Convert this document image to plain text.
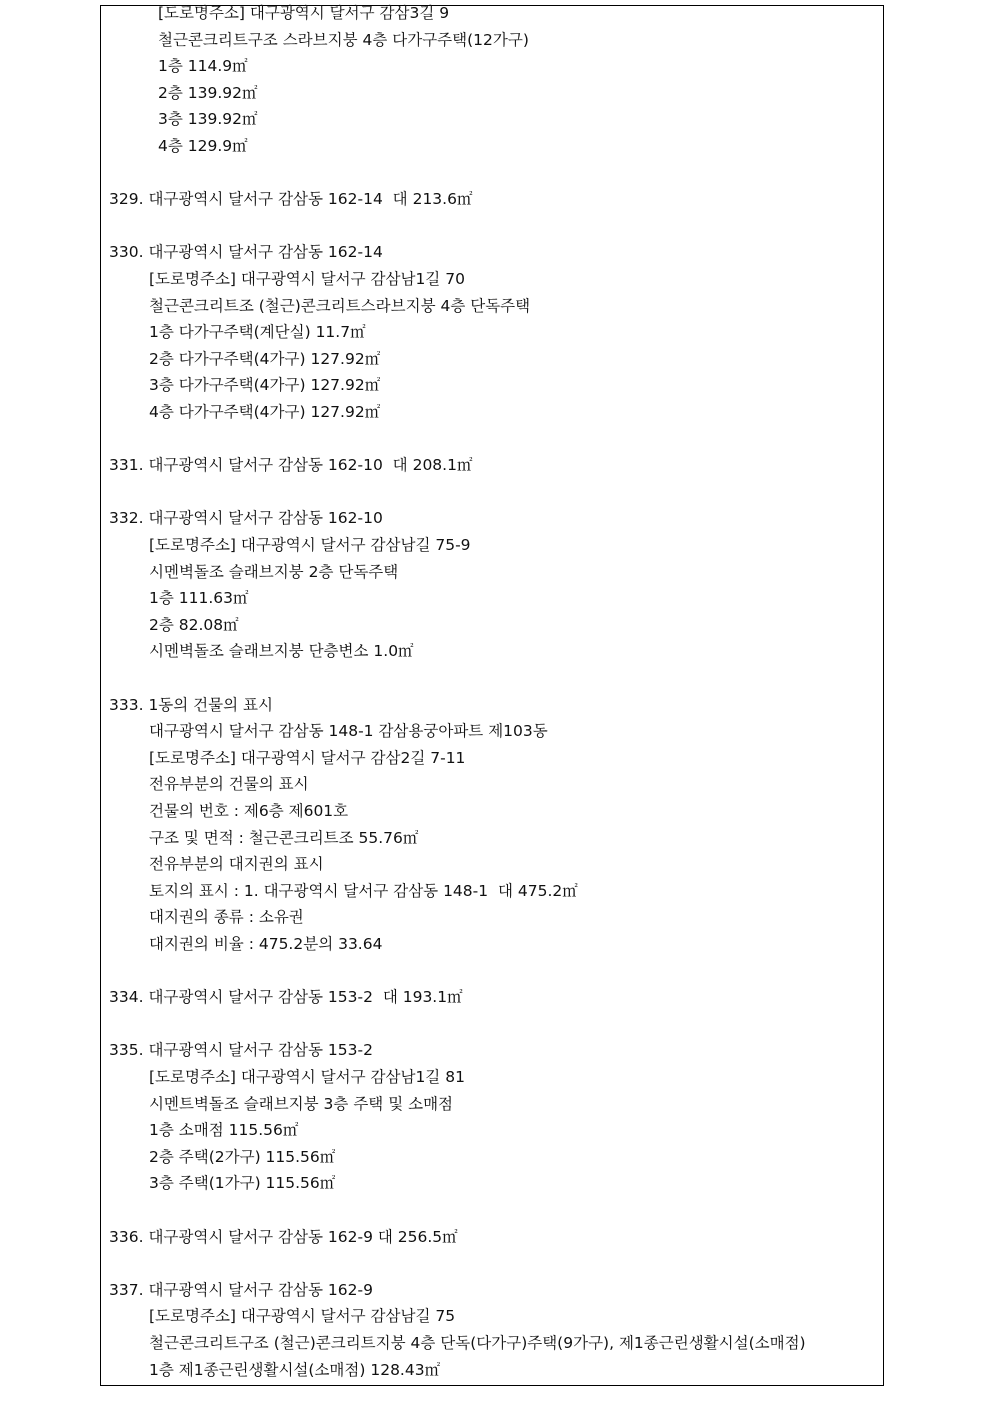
[도로명주소] 대구광역시 달서구 감삼3길 9
철근콘크리트구조 스라브지붕 4층 다가구주택(12가구)
1층 114.9㎡
2층 139.92㎡
3층 139.92㎡
4층 129.9㎡
329. 대구광역시 달서구 감삼동 162-14  대 213.6㎡
330. 대구광역시 달서구 감삼동 162-14
[도로명주소] 대구광역시 달서구 감삼남1길 70
철근콘크리트조 (철근)콘크리트스라브지붕 4층 단독주택
1층 다가구주택(계단실) 11.7㎡
2층 다가구주택(4가구) 127.92㎡
3층 다가구주택(4가구) 127.92㎡
4층 다가구주택(4가구) 127.92㎡
331. 대구광역시 달서구 감삼동 162-10  대 208.1㎡
332. 대구광역시 달서구 감삼동 162-10
[도로명주소] 대구광역시 달서구 감삼남길 75-9
시멘벽돌조 슬래브지붕 2층 단독주택
1층 111.63㎡
2층 82.08㎡
시멘벽돌조 슬래브지붕 단층변소 1.0㎡
333. 1동의 건물의 표시
대구광역시 달서구 감삼동 148-1 감삼용궁아파트 제103동
[도로명주소] 대구광역시 달서구 감삼2길 7-11
전유부분의 건물의 표시
건물의 번호 : 제6층 제601호
구조 및 면적 : 철근콘크리트조 55.76㎡
전유부분의 대지권의 표시
토지의 표시 : 1. 대구광역시 달서구 감삼동 148-1  대 475.2㎡
대지권의 종류 : 소유권
대지권의 비율 : 475.2분의 33.64
334. 대구광역시 달서구 감삼동 153-2  대 193.1㎡
335. 대구광역시 달서구 감삼동 153-2
[도로명주소] 대구광역시 달서구 감삼남1길 81
시멘트벽돌조 슬래브지붕 3층 주택 및 소매점
1층 소매점 115.56㎡
2층 주택(2가구) 115.56㎡
3층 주택(1가구) 115.56㎡
336. 대구광역시 달서구 감삼동 162-9 대 256.5㎡
337. 대구광역시 달서구 감삼동 162-9
[도로명주소] 대구광역시 달서구 감삼남길 75
철근콘크리트구조 (철근)콘크리트지붕 4층 단독(다가구)주택(9가구), 제1종근린생활시설(소매점)
1층 제1종근린생활시설(소매점) 128.43㎡
